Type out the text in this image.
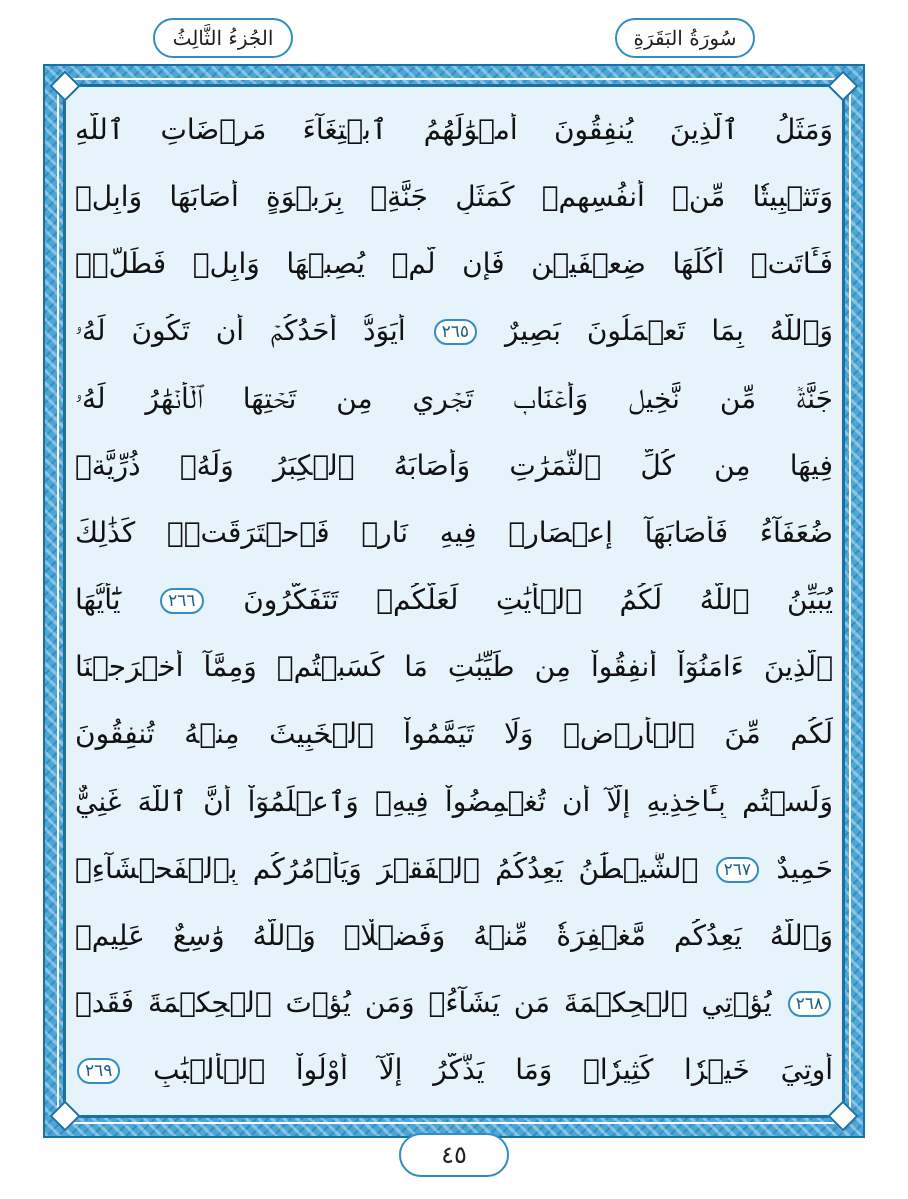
الجُزءُ الثَّالِثُ	سُورَةُ البَقَرَةِ
وَمَثَلُ ٱلَّذِينَ يُنفِقُونَ أَمۡوَٰلَهُمُ ٱبۡتِغَآءَ مَرۡضَاتِ ٱللَّهِ
وَتَثۡبِيتٗا مِّنۡ أَنفُسِهِمۡ كَمَثَلِ جَنَّةِۭ بِرَبۡوَةٍ أَصَابَهَا وَابِلٞ
فَـَٔاتَتۡ أُكُلَهَا ضِعۡفَيۡنِ فَإِن لَّمۡ يُصِبۡهَا وَابِلٞ فَطَلّٞۗ
وَٱللَّهُ بِمَا تَعۡمَلُونَ بَصِيرٌ ٢٦٥ أَيَوَدُّ أَحَدُكُمۡ أَن تَكُونَ لَهُۥ
جَنَّةٞ مِّن نَّخِيلٖ وَأَعۡنَابٖ تَجۡرِي مِن تَحۡتِهَا ٱلۡأَنۡهَٰرُ لَهُۥ
فِيهَا مِن كُلِّ ٱلثَّمَرَٰتِ وَأَصَابَهُ ٱلۡكِبَرُ وَلَهُۥ ذُرِّيَّةٞ
ضُعَفَآءُ فَأَصَابَهَآ إِعۡصَارٞ فِيهِ نَارٞ فَٱحۡتَرَقَتۡۗ كَذَٰلِكَ
يُبَيِّنُ ٱللَّهُ لَكُمُ ٱلۡأٓيَٰتِ لَعَلَّكُمۡ تَتَفَكَّرُونَ ٢٦٦ يَٰٓأَيُّهَا
ٱلَّذِينَ ءَامَنُوٓاْ أَنفِقُواْ مِن طَيِّبَٰتِ مَا كَسَبۡتُمۡ وَمِمَّآ أَخۡرَجۡنَا
لَكُم مِّنَ ٱلۡأَرۡضِۖ وَلَا تَيَمَّمُواْ ٱلۡخَبِيثَ مِنۡهُ تُنفِقُونَ
وَلَسۡتُم بِـَٔاخِذِيهِ إِلَّآ أَن تُغۡمِضُواْ فِيهِۚ وَٱعۡلَمُوٓاْ أَنَّ ٱللَّهَ غَنِيٌّ
حَمِيدٌ ٢٦٧ ٱلشَّيۡطَٰنُ يَعِدُكُمُ ٱلۡفَقۡرَ وَيَأۡمُرُكُم بِٱلۡفَحۡشَآءِۖ
وَٱللَّهُ يَعِدُكُم مَّغۡفِرَةٗ مِّنۡهُ وَفَضۡلٗاۗ وَٱللَّهُ وَٰسِعٌ عَلِيمٞ
٢٦٨ يُؤۡتِي ٱلۡحِكۡمَةَ مَن يَشَآءُۚ وَمَن يُؤۡتَ ٱلۡحِكۡمَةَ فَقَدۡ
أُوتِيَ خَيۡرٗا كَثِيرٗاۗ وَمَا يَذَّكَّرُ إِلَّآ أُوْلُواْ ٱلۡأَلۡبَٰبِ ٢٦٩
٤٥
